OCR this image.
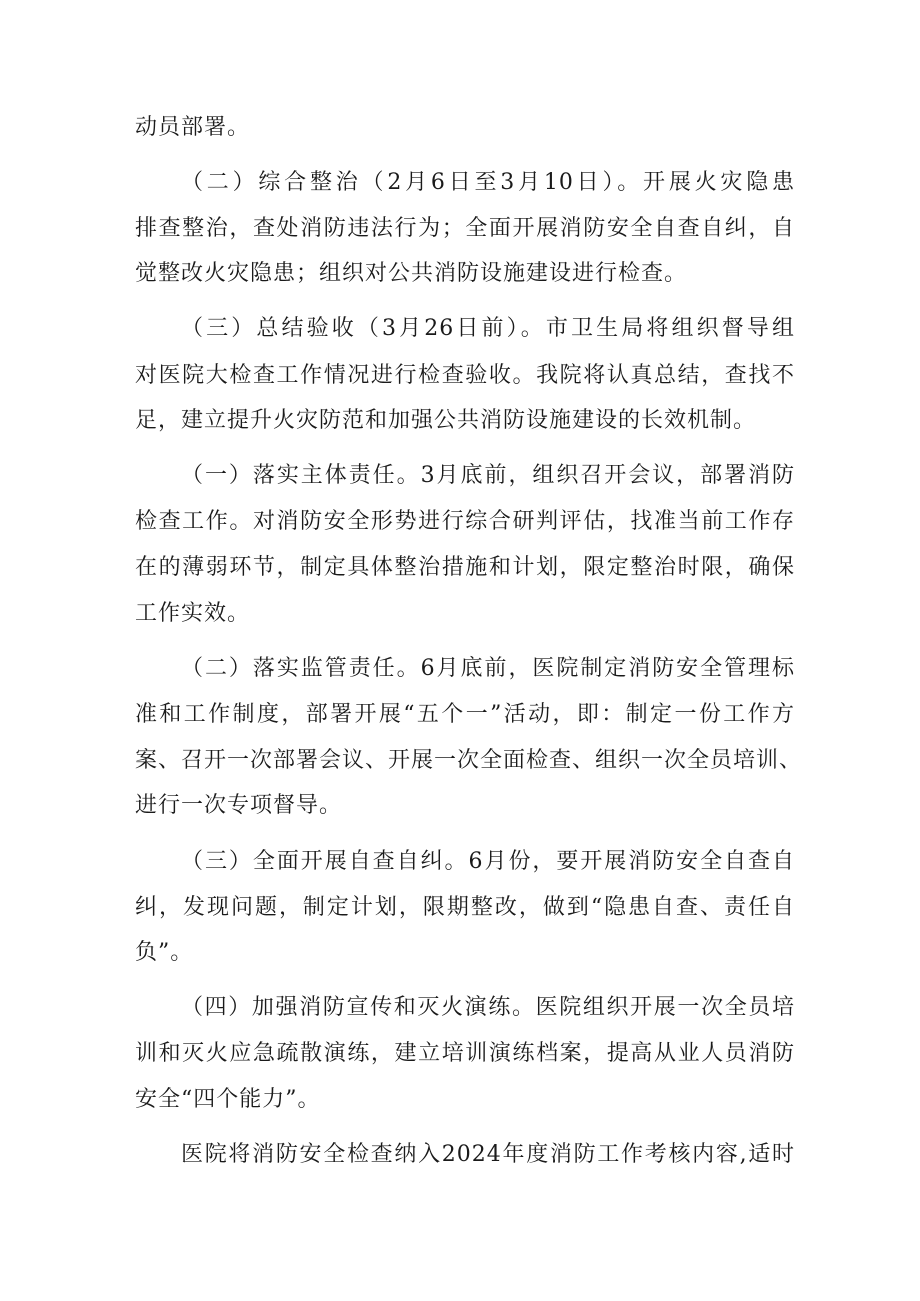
动员部署。
（二）综合整治（2月6日至3月10日）。开展火灾隐患
排查整治，查处消防违法行为；全面开展消防安全自查自纠，自
觉整改火灾隐患；组织对公共消防设施建设进行检查。
（三）总结验收（3月26日前）。市卫生局将组织督导组
对医院大检查工作情况进行检查验收。我院将认真总结，查找不
足，建立提升火灾防范和加强公共消防设施建设的长效机制。
（一）落实主体责任。3月底前，组织召开会议，部署消防
检查工作。对消防安全形势进行综合研判评估，找准当前工作存
在的薄弱环节，制定具体整治措施和计划，限定整治时限，确保
工作实效。
（二）落实监管责任。6月底前，医院制定消防安全管理标
准和工作制度，部署开展“五个一”活动，即：制定一份工作方
案、召开一次部署会议、开展一次全面检查、组织一次全员培训、
进行一次专项督导。
（三）全面开展自查自纠。6月份，要开展消防安全自查自
纠，发现问题，制定计划，限期整改，做到“隐患自查、责任自
负”。
（四）加强消防宣传和灭火演练。医院组织开展一次全员培
训和灭火应急疏散演练，建立培训演练档案，提高从业人员消防
安全“四个能力”。
医院将消防安全检查纳入2024年度消防工作考核内容,适时
